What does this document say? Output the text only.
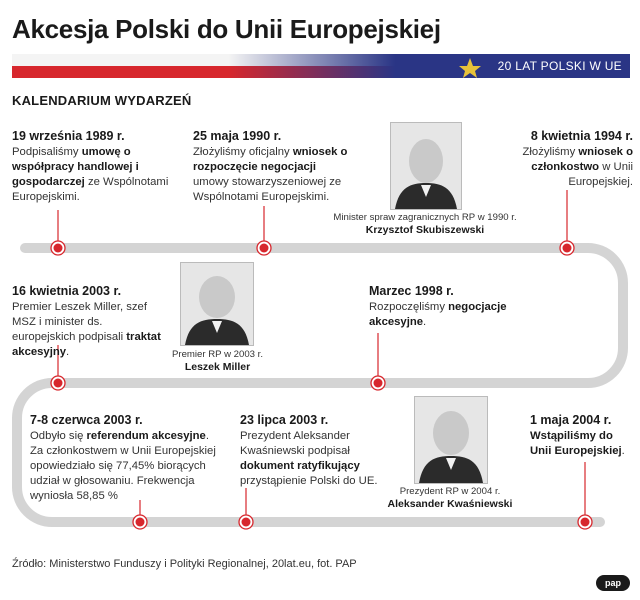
Akcesja Polski do Unii Europejskiej
20 LAT POLSKI W UE
KALENDARIUM WYDARZEŃ
19 września 1989 r.
Podpisaliśmy umowę o współpracy handlowej i gospodarczej ze Wspólnotami Europejskimi.
25 maja 1990 r.
Złożyliśmy oficjalny wniosek o rozpoczęcie negocjacji umowy stowarzyszeniowej ze Wspólnotami Europejskimi.
8 kwietnia 1994 r.
Złożyliśmy wniosek o członkostwo w Unii Europejskiej.
16 kwietnia 2003 r.
Premier Leszek Miller, szef MSZ i minister ds. europejskich podpisali traktat akcesyjny.
Marzec 1998 r.
Rozpoczęliśmy negocjacje akcesyjne.
7-8 czerwca 2003 r.
Odbyło się referendum akcesyjne. Za członkostwem w Unii Europejskiej opowiedziało się 77,45% biorących udział w głosowaniu. Frekwencja wyniosła 58,85 %
23 lipca 2003 r.
Prezydent Aleksander Kwaśniewski podpisał dokument ratyfikujący przystąpienie Polski do UE.
1 maja 2004 r.
Wstąpiliśmy do Unii Europejskiej.
Minister spraw zagranicznych RP w 1990 r.
Krzysztof Skubiszewski
Premier RP w 2003 r.
Leszek Miller
Prezydent RP w 2004 r.
Aleksander Kwaśniewski
Źródło: Ministerstwo Funduszy i Polityki Regionalnej, 20lat.eu, fot. PAP
pap
